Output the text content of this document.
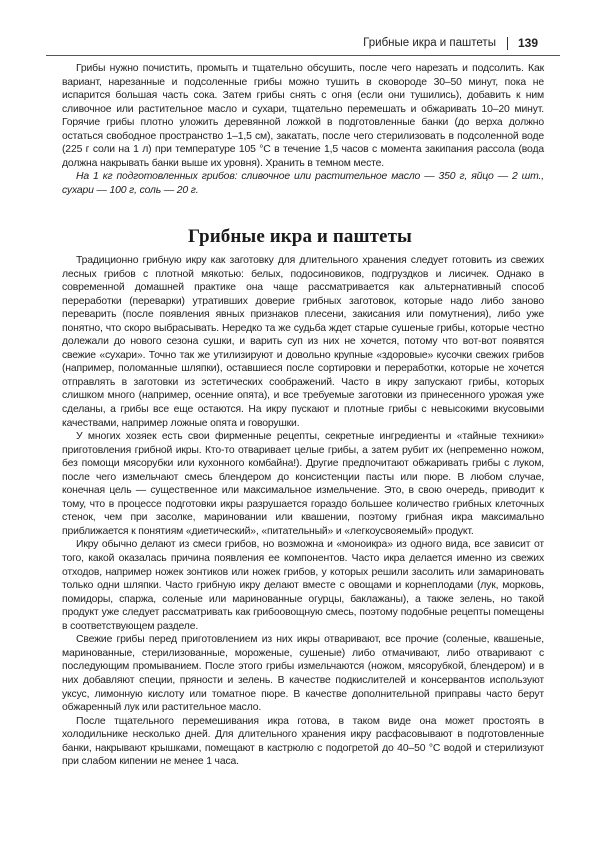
Грибные икра и паштеты 139

Грибы нужно почистить, промыть и тщательно обсушить, после чего нарезать и подсолить. Как вариант, нарезанные и подсоленные грибы можно тушить в сковороде 30–50 минут, пока не испарится большая часть сока. Затем грибы снять с огня (если они тушились), добавить к ним сливочное или растительное масло и сухари, тщательно перемешать и обжаривать 10–20 минут. Горячие грибы плотно уложить деревянной ложкой в подготовленные банки (до верха должно остаться свободное пространство 1–1,5 см), закатать, после чего стерилизовать в подсоленной воде (225 г соли на 1 л) при температуре 105 °С в течение 1,5 часов с момента закипания рассола (вода должна накрывать банки выше их уровня). Хранить в темном месте.

На 1 кг подготовленных грибов: сливочное или растительное масло — 350 г, яйцо — 2 шт., сухари — 100 г, соль — 20 г.

Грибные икра и паштеты

Традиционно грибную икру как заготовку для длительного хранения следует готовить из свежих лесных грибов с плотной мякотью: белых, подосиновиков, подгруздков и лисичек. Однако в современной домашней практике она чаще рассматривается как альтернативный способ переработки (переварки) утративших доверие грибных заготовок, которые надо либо заново переварить (после появления явных признаков плесени, закисания или помутнения), либо уже понятно, что скоро выбрасывать. Нередко та же судьба ждет старые сушеные грибы, которые честно долежали до нового сезона сушки, и варить суп из них не хочется, потому что вот-вот появятся свежие «сухари». Точно так же утилизируют и довольно крупные «здоровые» кусочки свежих грибов (например, поломанные шляпки), оставшиеся после сортировки и переработки, которые не хочется отправлять в заготовки из эстетических соображений. Часто в икру запускают грибы, которых слишком много (например, осенние опята), и все требуемые заготовки из принесенного урожая уже сделаны, а грибы все еще остаются. На икру пускают и плотные грибы с невысокими вкусовыми качествами, например ложные опята и говорушки.

У многих хозяек есть свои фирменные рецепты, секретные ингредиенты и «тайные техники» приготовления грибной икры. Кто-то отваривает целые грибы, а затем рубит их (непременно ножом, без помощи мясорубки или кухонного комбайна!). Другие предпочитают обжаривать грибы с луком, после чего измельчают смесь блендером до консистенции пасты или пюре. В любом случае, конечная цель — существенное или максимальное измельчение. Это, в свою очередь, приводит к тому, что в процессе подготовки икры разрушается гораздо большее количество грибных клеточных стенок, чем при засолке, мариновании или квашении, поэтому грибная икра максимально приближается к понятиям «диетический», «питательный» и «легкоусвояемый» продукт.

Икру обычно делают из смеси грибов, но возможна и «моноикра» из одного вида, все зависит от того, какой оказалась причина появления ее компонентов. Часто икра делается именно из свежих отходов, например ножек зонтиков или ножек грибов, у которых решили засолить или замариновать только одни шляпки. Часто грибную икру делают вместе с овощами и корнеплодами (лук, морковь, помидоры, спаржа, соленые или маринованные огурцы, баклажаны), а также зелень, но такой продукт уже следует рассматривать как грибоовощную смесь, поэтому подобные рецепты помещены в соответствующем разделе.

Свежие грибы перед приготовлением из них икры отваривают, все прочие (соленые, квашеные, маринованные, стерилизованные, мороженые, сушеные) либо отмачивают, либо отваривают с последующим промыванием. После этого грибы измельчаются (ножом, мясорубкой, блендером) и в них добавляют специи, пряности и зелень. В качестве подкислителей и консервантов используют уксус, лимонную кислоту или томатное пюре. В качестве дополнительной приправы часто берут обжаренный лук или растительное масло.

После тщательного перемешивания икра готова, в таком виде она может простоять в холодильнике несколько дней. Для длительного хранения икру расфасовывают в подготовленные банки, накрывают крышками, помещают в кастрюлю с подогретой до 40–50 °С водой и стерилизуют при слабом кипении не менее 1 часа.
